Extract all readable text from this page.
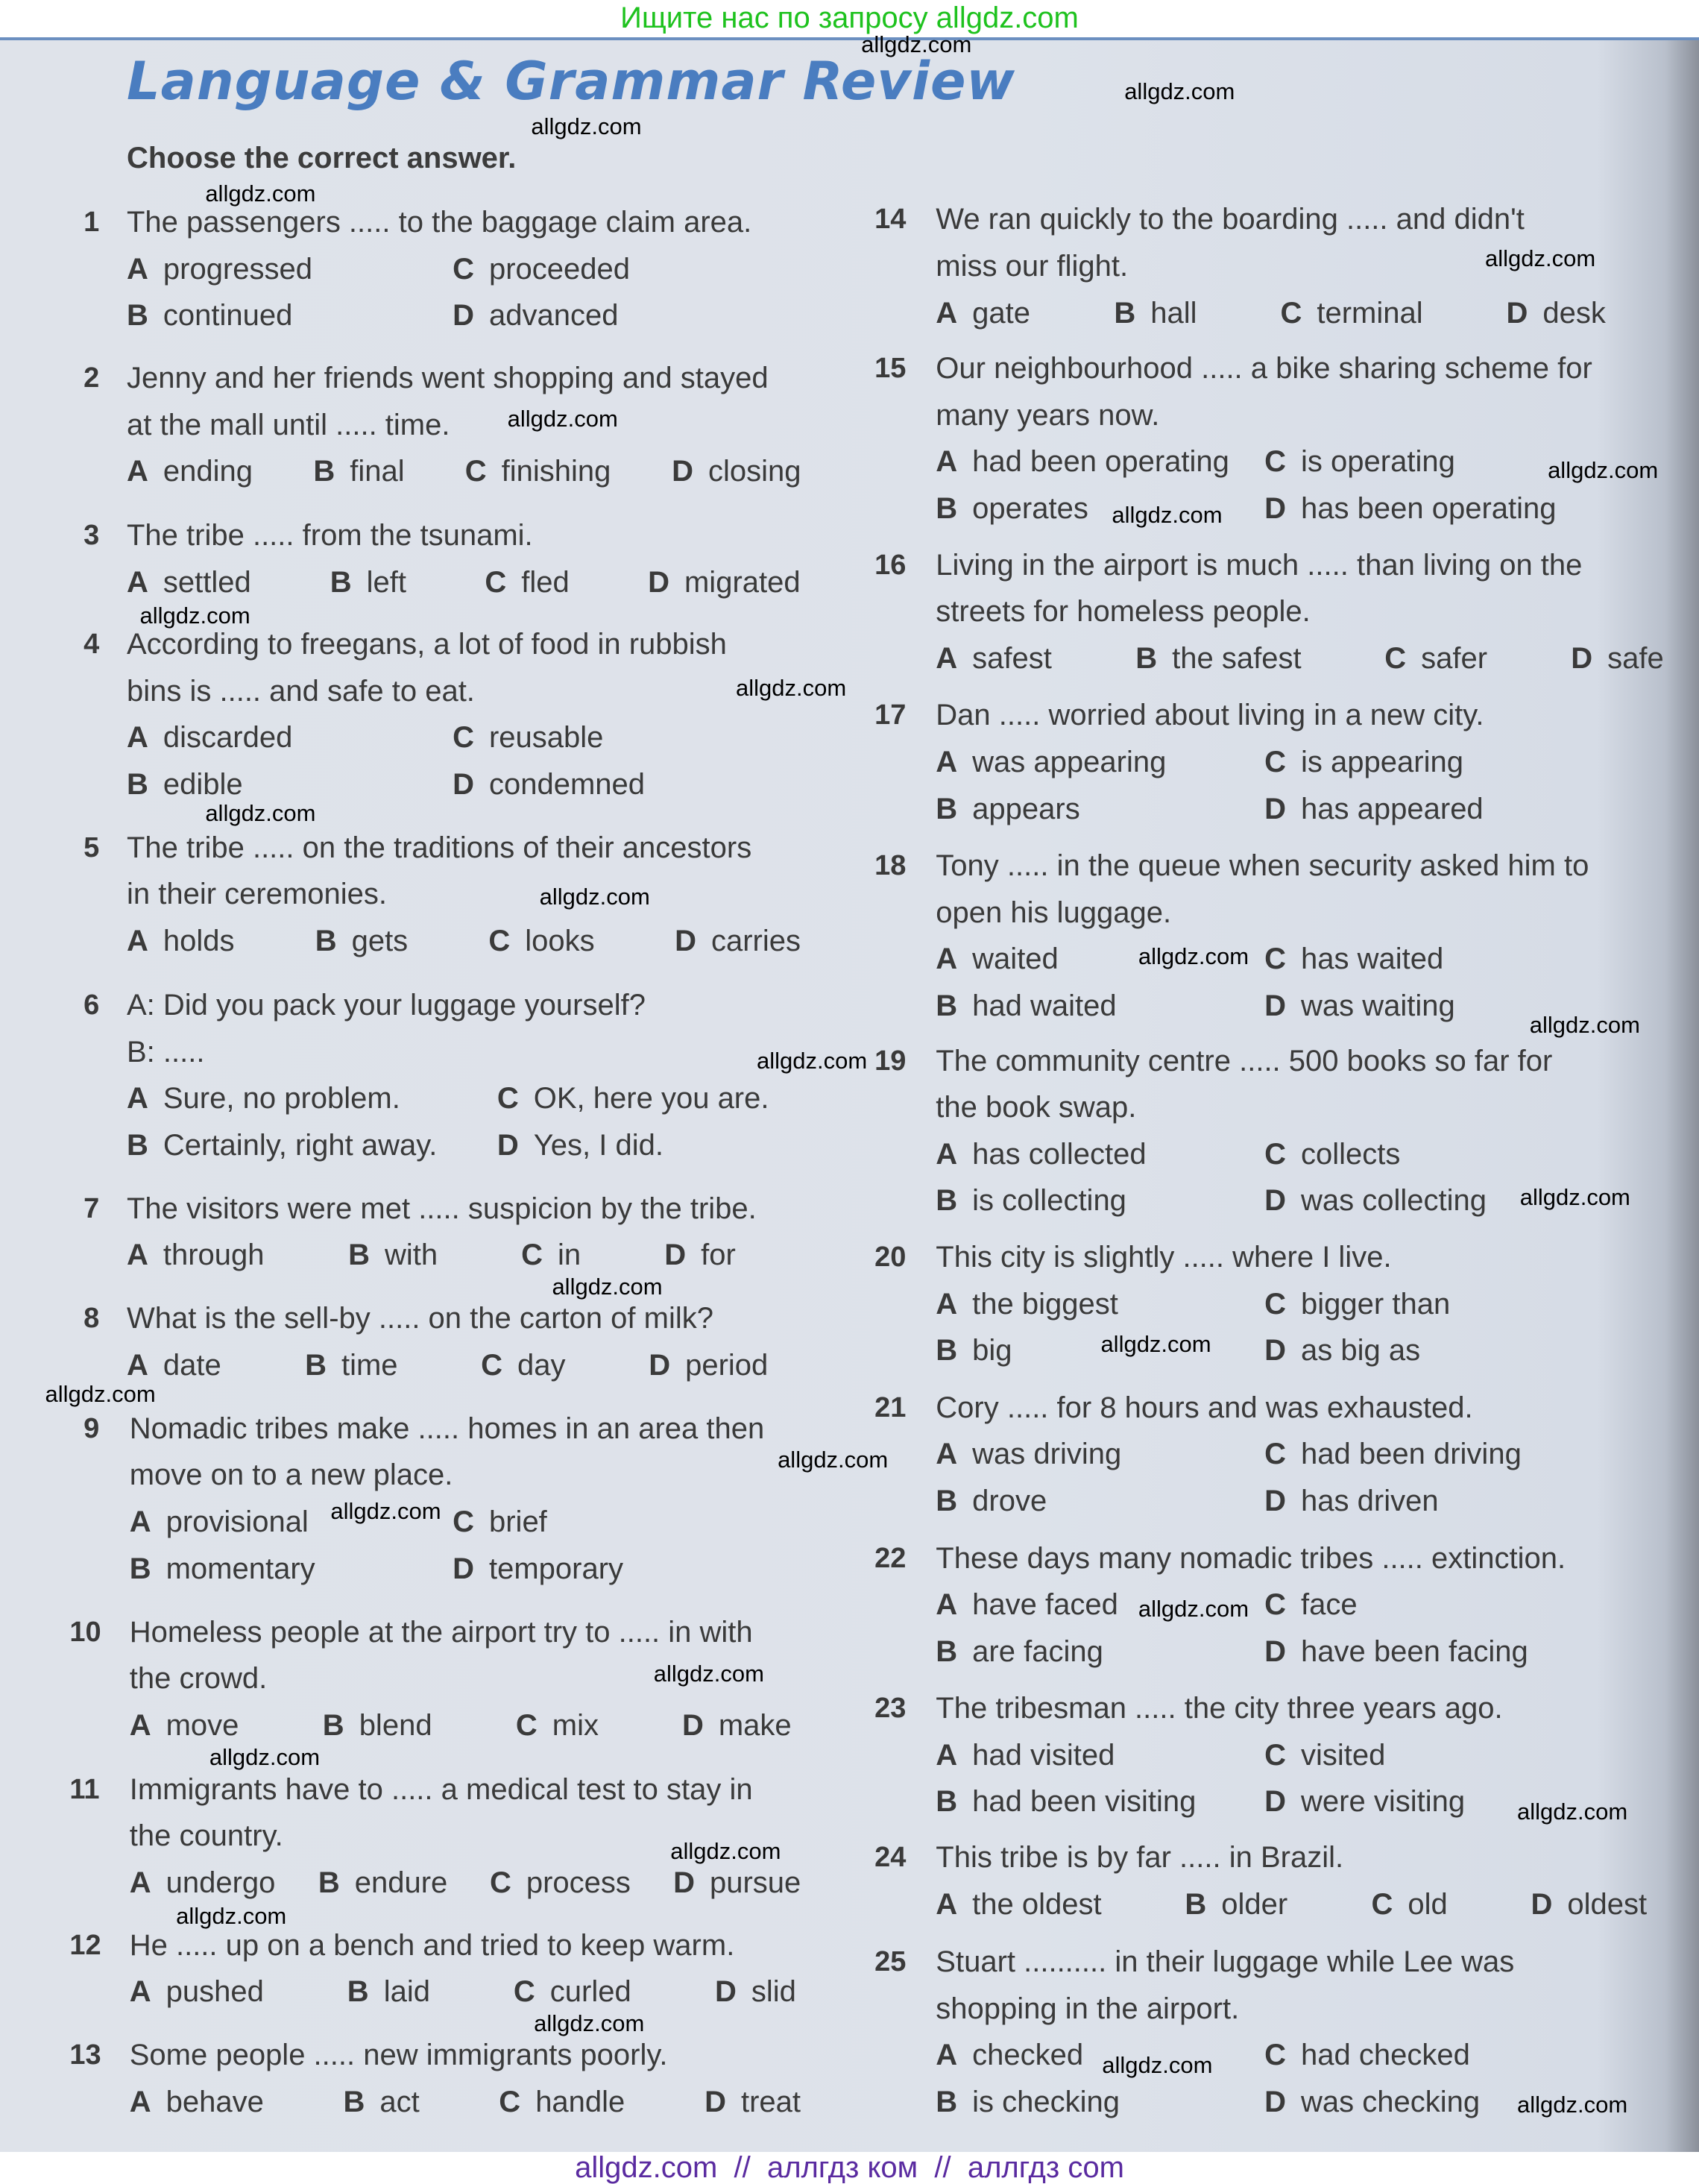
Ищите нас по запросу allgdz.com
Language & Grammar Review
Choose the correct answer.
1 The passengers ..... to the baggage claim area.
A progressed
B continued
C proceeded
D advanced
2 Jenny and her friends went shopping and stayed
at the mall until ..... time.
A ending B final C finishing D closing
3 The tribe ..... from the tsunami.
A settled	B left	C fled	D migrated
4 According to freegans, a lot of food in rubbish
bins is ..... and safe to eat.
A discarded
B edible
C reusable
D condemned
5 The tribe ..... on the traditions of their ancestors
in their ceremonies.
A holds	B gets	C looks	D carries
6 A: Did you pack your luggage yourself?
B: .....
A Sure, no problem.
B Certainly, right away.
C OK, here you are.
D Yes, I did.
7 The visitors were met ..... suspicion by the tribe.
A through	B with	C in	D for
8 What is the sell-by ..... on the carton of milk?
A date	B time	C day	D period
9 Nomadic tribes make ..... homes in an area then
move on to a new place.
A provisional
B momentary
C brief
D temporary
10 Homeless people at the airport try to ..... in with
the crowd.
A move	B blend	C mix	D make
11 Immigrants have to ..... a medical test to stay in
the country.
A undergo B endure C process D pursue
12 He ..... up on a bench and tried to keep warm.
A pushed	B laid	C curled	D slid
13 Some people ..... new immigrants poorly.
A behave	B act	C handle	D treat
14 We ran quickly to the boarding ..... and didn't
miss our flight.
A gate	B hall	C terminal	D desk
15 Our neighbourhood ..... a bike sharing scheme for
many years now.
A had been operating
B operates
C is operating
D has been operating
16 Living in the airport is much ..... than living on the
streets for homeless people.
A safest	B the safest	C safer	D safe
17 Dan ..... worried about living in a new city.
A was appearing
B appears
C is appearing
D has appeared
18 Tony ..... in the queue when security asked him to
open his luggage.
A waited
B had waited
C has waited
D was waiting
19 The community centre ..... 500 books so far for
the book swap.
A has collected
B is collecting
C collects
D was collecting
20 This city is slightly ..... where I live.
A the biggest
B big
C bigger than
D as big as
21 Cory ..... for 8 hours and was exhausted.
A was driving
B drove
C had been driving
D has driven
22 These days many nomadic tribes ..... extinction.
A have faced
B are facing
C face
D have been facing
23 The tribesman ..... the city three years ago.
A had visited
B had been visiting
C visited
D were visiting
24 This tribe is by far ..... in Brazil.
A the oldest	B older	C old	D oldest
25 Stuart .......... in their luggage while Lee was
shopping in the airport.
A checked
B is checking
C had checked
D was checking
allgdz.com
allgdz.com
allgdz.com
allgdz.com
allgdz.com
allgdz.com
allgdz.com
allgdz.com
allgdz.com
allgdz.com
allgdz.com
allgdz.com
allgdz.com
allgdz.com
allgdz.com
allgdz.com
allgdz.com
allgdz.com
allgdz.com
allgdz.com
allgdz.com
allgdz.com
allgdz.com
allgdz.com
allgdz.com
allgdz.com
allgdz.com
allgdz.com
allgdz.com
allgdz.com
allgdz.com  //  аллгдз ком  //  аллгдз com
